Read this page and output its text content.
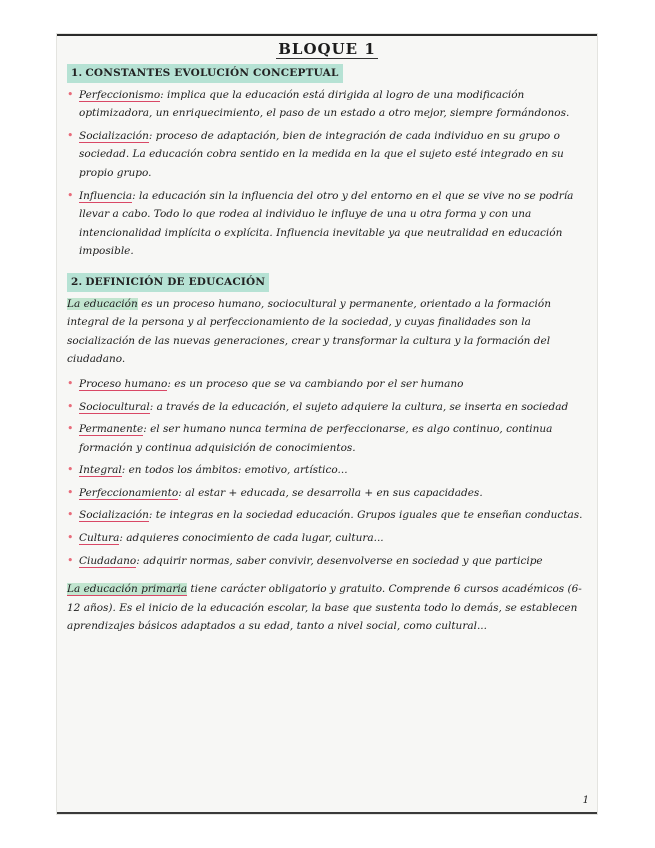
BLOQUE 1
1. CONSTANTES EVOLUCIÓN CONCEPTUAL
• Perfeccionismo: implica que la educación está dirigida al logro de una modificación optimizadora, un enriquecimiento, el paso de un estado a otro mejor, siempre formándonos.
• Socialización: proceso de adaptación, bien de integración de cada individuo en su grupo o sociedad. La educación cobra sentido en la medida en la que el sujeto esté integrado en su propio grupo.
• Influencia: la educación sin la influencia del otro y del entorno en el que se vive no se podría llevar a cabo. Todo lo que rodea al individuo le influye de una u otra forma y con una intencionalidad implícita o explícita. Influencia inevitable ya que neutralidad en educación imposible.
2. DEFINICIÓN DE EDUCACIÓN
La educación es un proceso humano, sociocultural y permanente, orientado a la formación integral de la persona y al perfeccionamiento de la sociedad, y cuyas finalidades son la socialización de las nuevas generaciones, crear y transformar la cultura y la formación del ciudadano.
• Proceso humano: es un proceso que se va cambiando por el ser humano
• Sociocultural: a través de la educación, el sujeto adquiere la cultura, se inserta en sociedad
• Permanente: el ser humano nunca termina de perfeccionarse, es algo continuo, continua formación y continua adquisición de conocimientos.
• Integral: en todos los ámbitos: emotivo, artístico...
• Perfeccionamiento: al estar + educada, se desarrolla + en sus capacidades.
• Socialización: te integras en la sociedad educación. Grupos iguales que te enseñan conductas.
• Cultura: adquieres conocimiento de cada lugar, cultura...
• Ciudadano: adquirir normas, saber convivir, desenvolverse en sociedad y que participe
La educación primaria tiene carácter obligatorio y gratuito. Comprende 6 cursos académicos (6-12 años). Es el inicio de la educación escolar, la base que sustenta todo lo demás, se establecen aprendizajes básicos adaptados a su edad, tanto a nivel social, como cultural...
1
